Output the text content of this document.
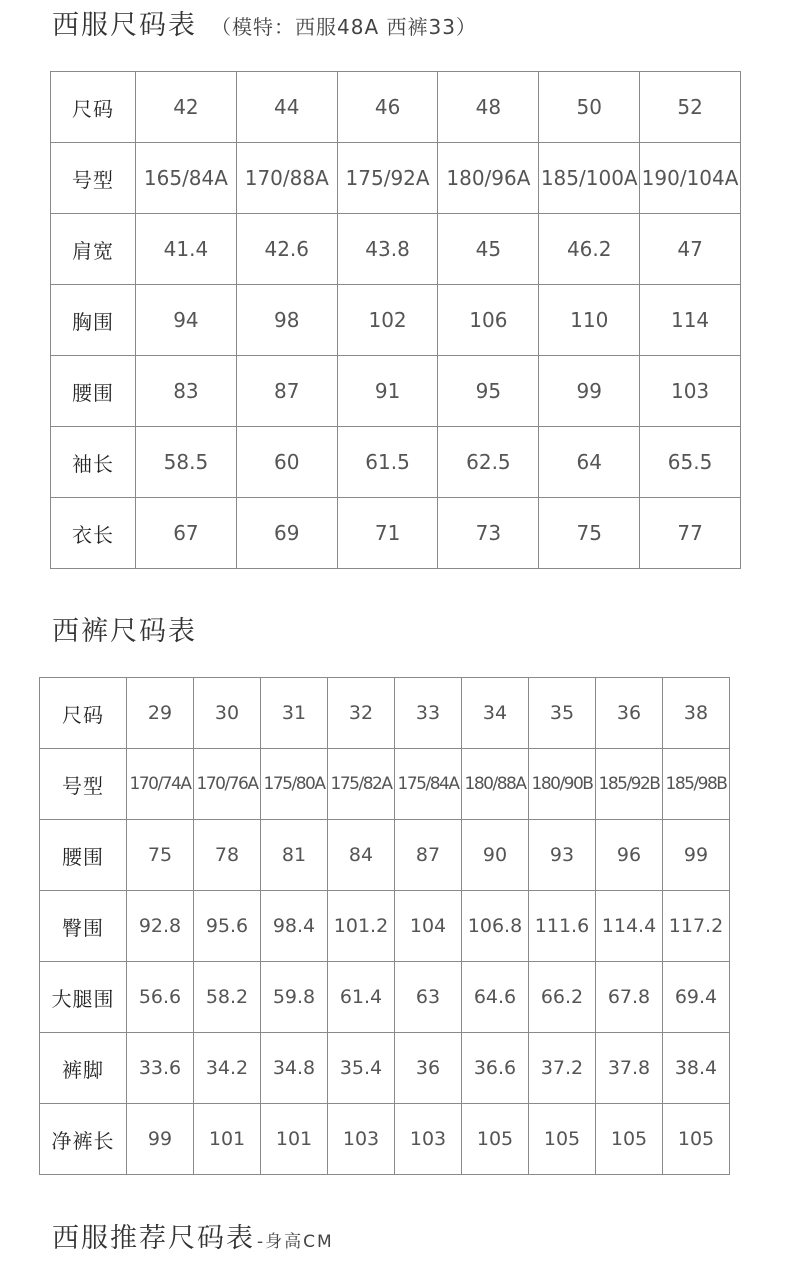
西服尺码表 （模特：西服48A 西裤33）
尺码	42	44	46	48	50	52
号型	165/84A	170/88A	175/92A	180/96A	185/100A	190/104A
肩宽	41.4	42.6	43.8	45	46.2	47
胸围	94	98	102	106	110	114
腰围	83	87	91	95	99	103
袖长	58.5	60	61.5	62.5	64	65.5
衣长	67	69	71	73	75	77
西裤尺码表
尺码	29	30	31	32	33	34	35	36	38
号型	170/74A	170/76A	175/80A	175/82A	175/84A	180/88A	180/90B	185/92B	185/98B
腰围	75	78	81	84	87	90	93	96	99
臀围	92.8	95.6	98.4	101.2	104	106.8	111.6	114.4	117.2
大腿围	56.6	58.2	59.8	61.4	63	64.6	66.2	67.8	69.4
裤脚	33.6	34.2	34.8	35.4	36	36.6	37.2	37.8	38.4
净裤长	99	101	101	103	103	105	105	105	105
西服推荐尺码表 -身高CM
